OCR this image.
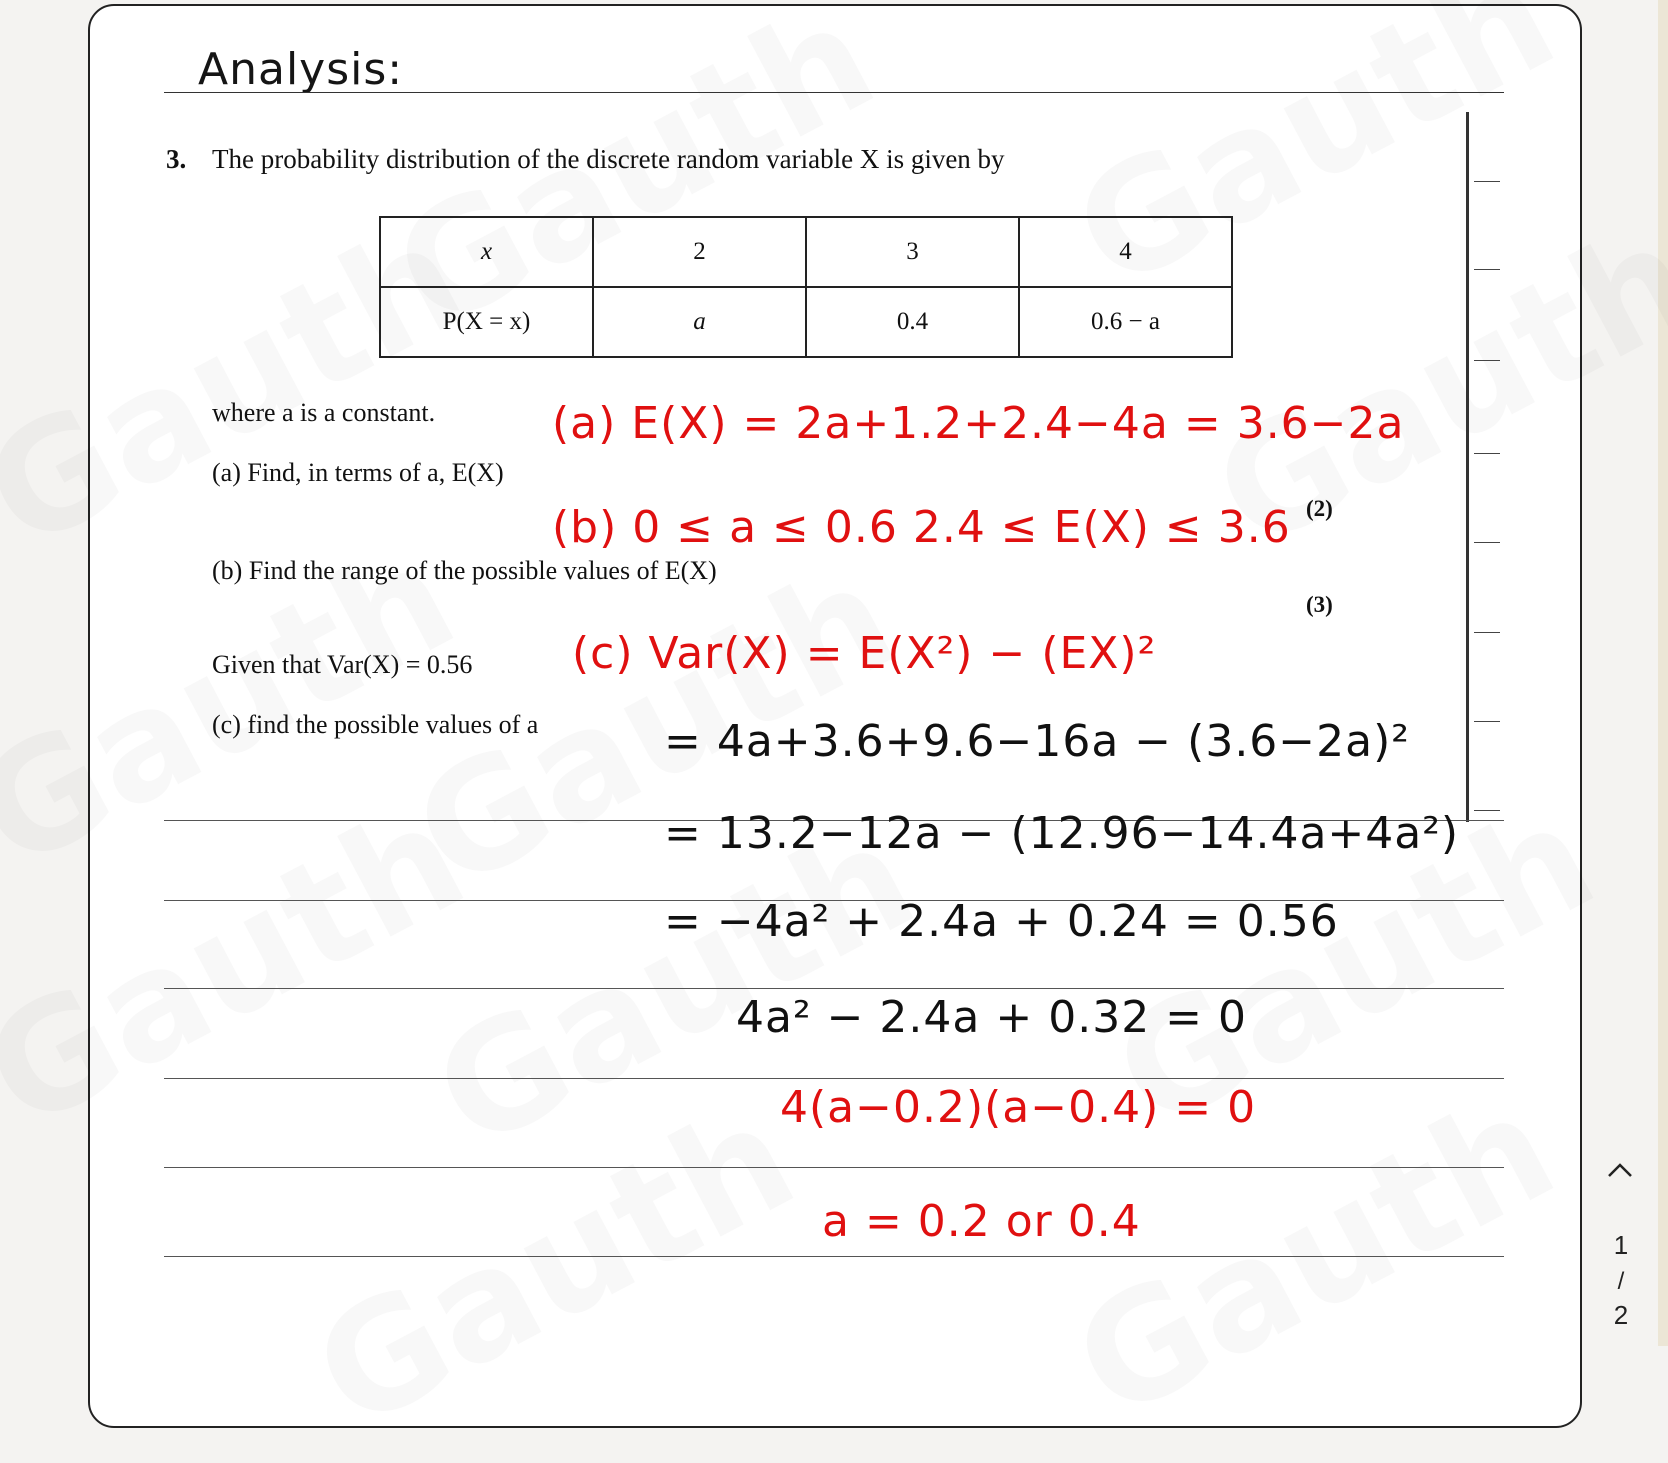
Analysis:
3. The probability distribution of the discrete random variable X is given by
x	2	3	4
P(X = x)	a	0.4	0.6 − a
where a is a constant.
(a) Find, in terms of a, E(X)
(2)
(b) Find the range of the possible values of E(X)
(3)
Given that Var(X) = 0.56
(c) find the possible values of a
(a) E(X) = 2a+1.2+2.4−4a = 3.6−2a
(b) 0 ≤ a ≤ 0.6 2.4 ≤ E(X) ≤ 3.6
(c) Var(X) = E(X²) − (EX)²
= 4a+3.6+9.6−16a − (3.6−2a)²
= 13.2−12a − (12.96−14.4a+4a²)
= −4a² + 2.4a + 0.24 = 0.56
4a² − 2.4a + 0.32 = 0
4(a−0.2)(a−0.4) = 0
a = 0.2 or 0.4	1
/
2
